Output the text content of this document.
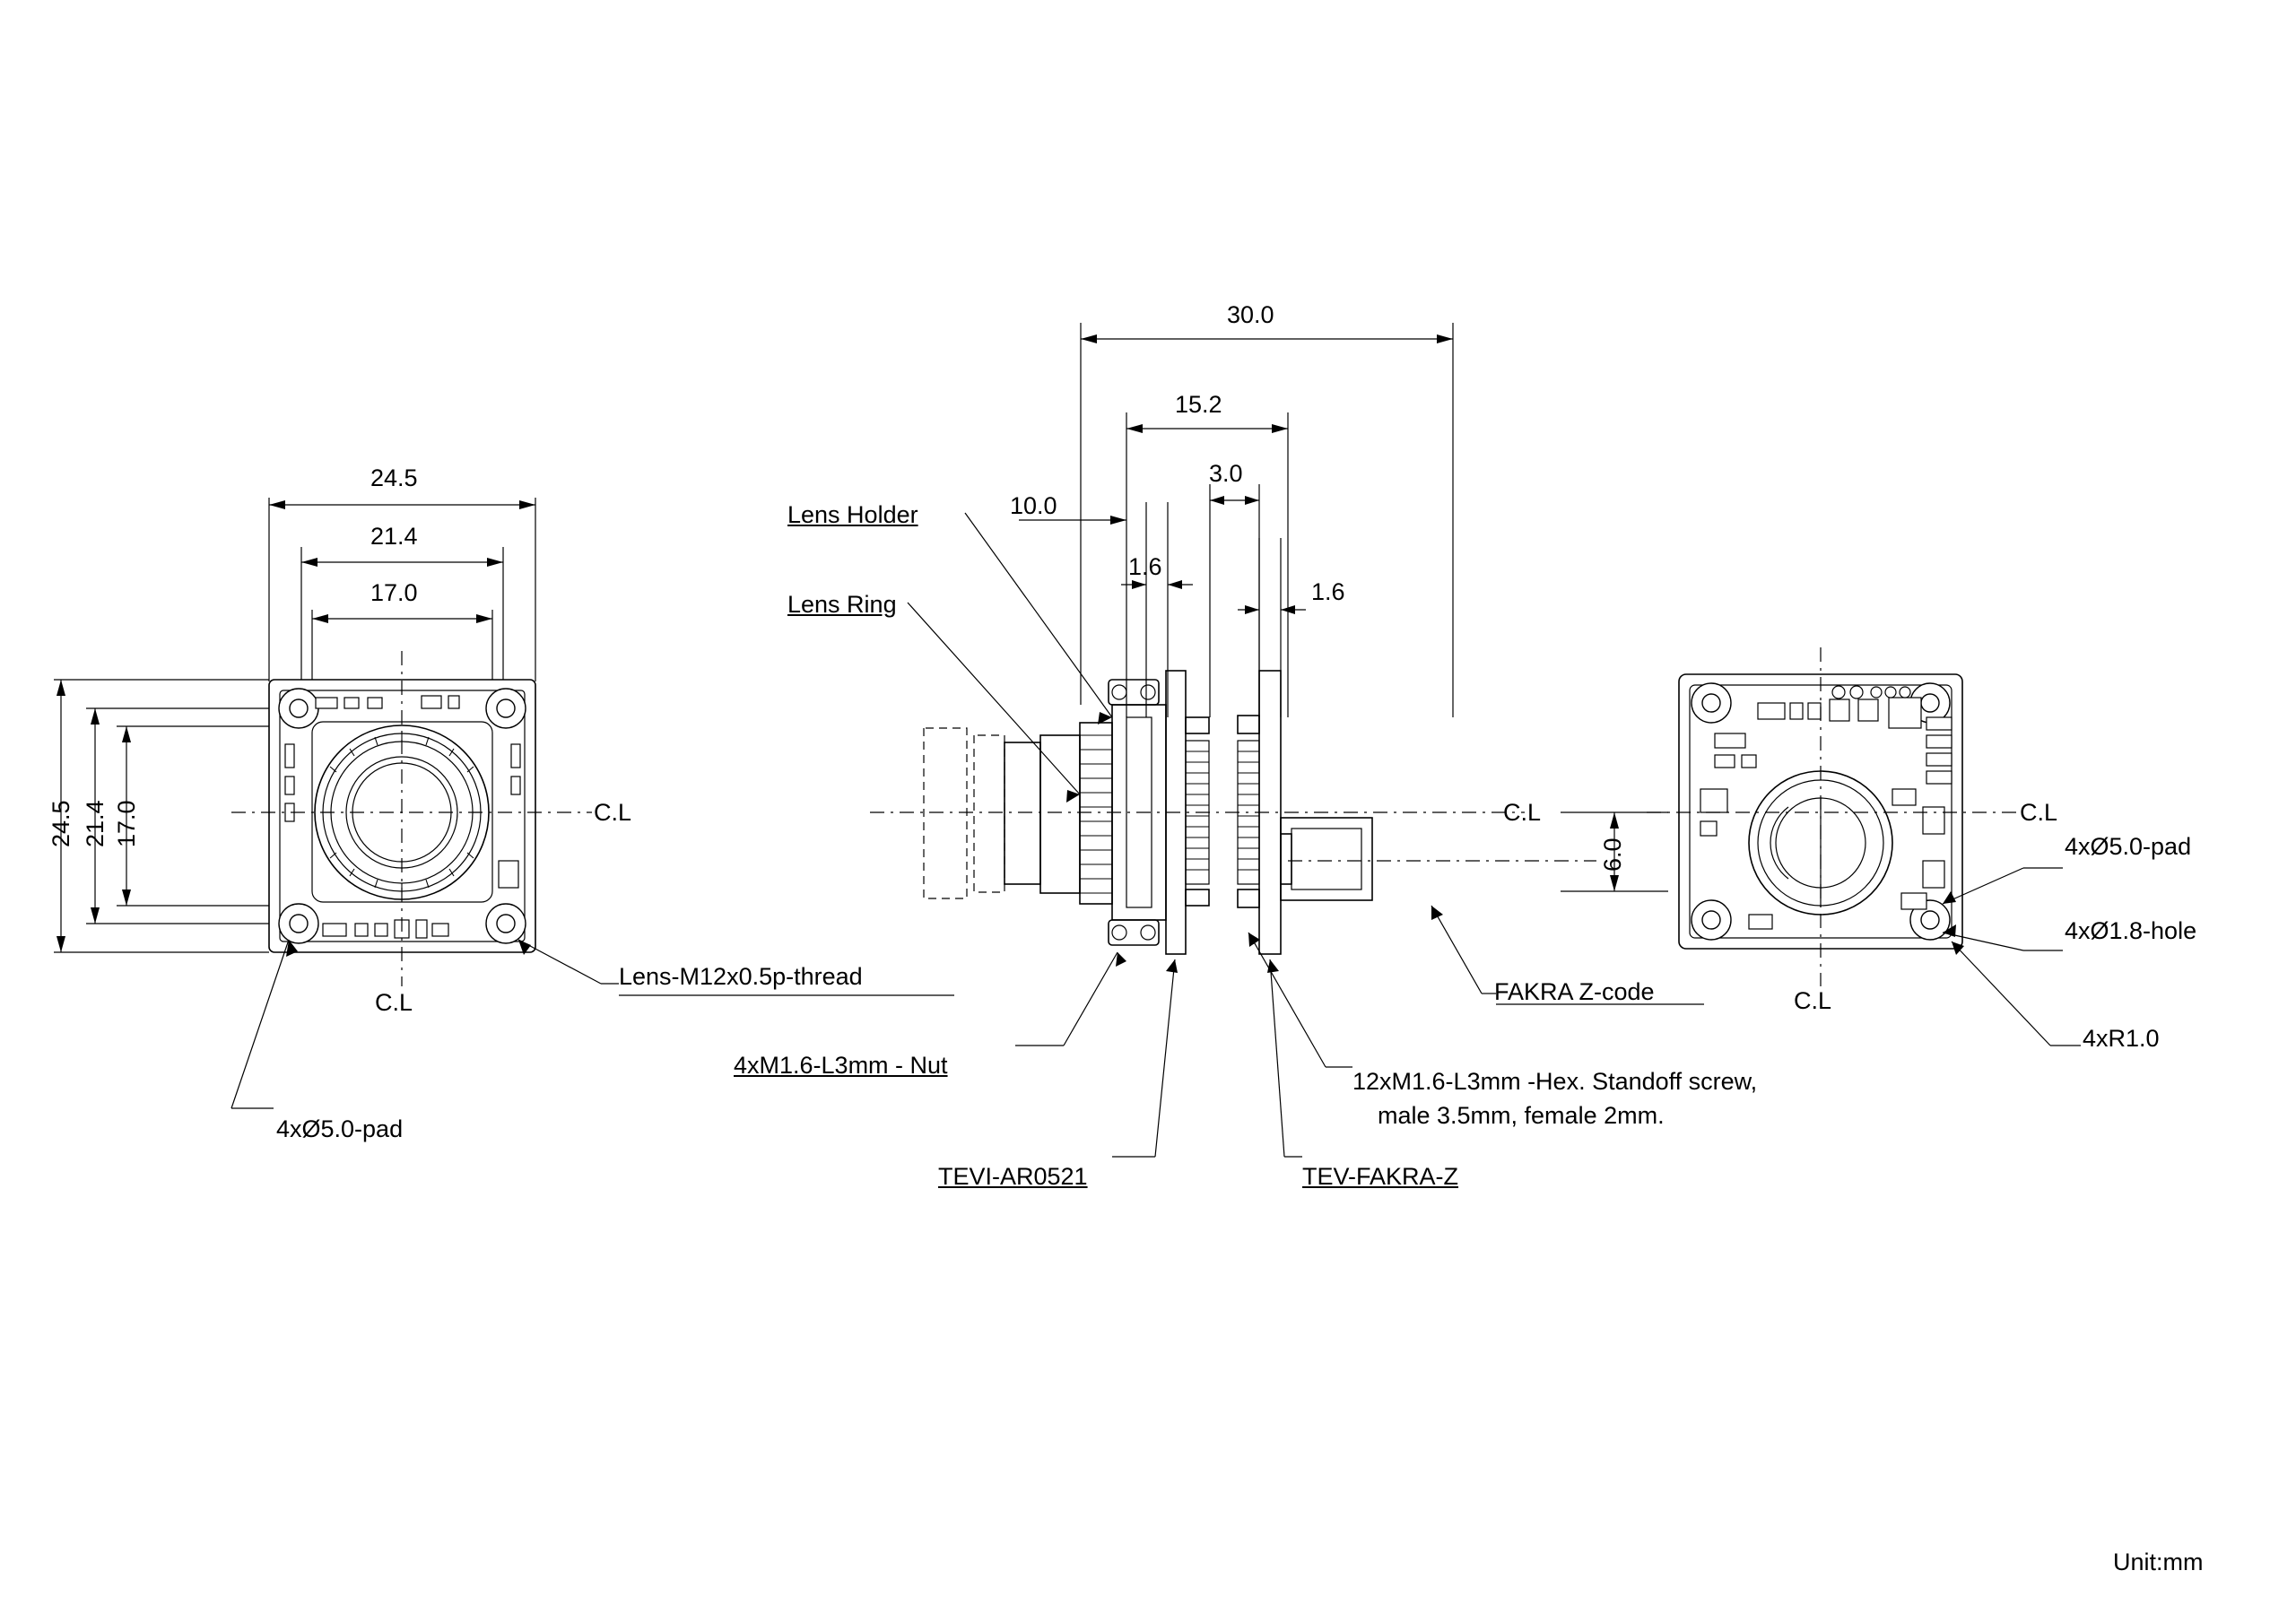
24.5
21.4
17.0
24.5 21.4 17.0	C.L
C.L
4xØ5.0-pad
Lens-M12x0.5p-thread
30.0
15.2
3.0
10.0
1.6
1.6
Lens Holder
Lens Ring
C.L
4xM1.6-L3mm - Nut
TEVI-AR0521	TEV-FAKRA-Z
12xM1.6-L3mm -Hex. Standoff screw,
male 3.5mm, female 2mm.
FAKRA Z-code
6.0
C.L
C.L
4xØ5.0-pad
4xØ1.8-hole
4xR1.0
Unit:mm
